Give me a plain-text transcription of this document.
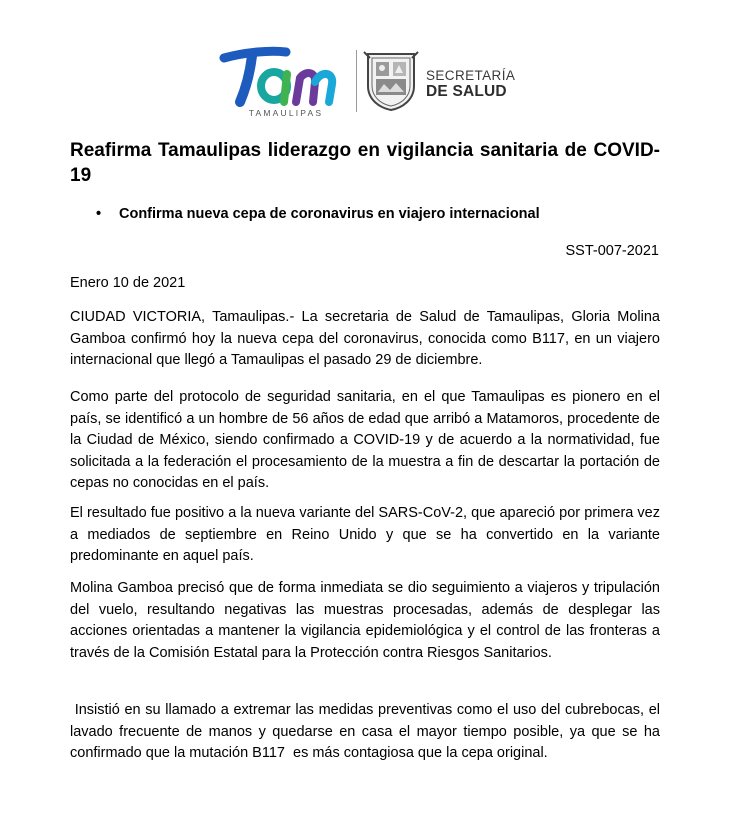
TAMAULIPAS
SECRETARÍA
DE SALUD
Reafirma Tamaulipas liderazgo en vigilancia sanitaria de COVID-19
• Confirma nueva cepa de coronavirus en viajero internacional
SST-007-2021
Enero 10 de 2021

CIUDAD VICTORIA, Tamaulipas.- La secretaria de Salud de Tamaulipas, Gloria Molina Gamboa confirmó hoy la nueva cepa del coronavirus, conocida como B117, en un viajero internacional que llegó a Tamaulipas el pasado 29 de diciembre.

Como parte del protocolo de seguridad sanitaria, en el que Tamaulipas es pionero en el país, se identificó a un hombre de 56 años de edad que arribó a Matamoros, procedente de la Ciudad de México, siendo confirmado a COVID-19 y de acuerdo a la normatividad, fue solicitada a la federación el procesamiento de la muestra a fin de descartar la portación de cepas no conocidas en el país.

El resultado fue positivo a la nueva variante del SARS-CoV-2, que apareció por primera vez a mediados de septiembre en Reino Unido y que se ha convertido en la variante predominante en aquel país.

Molina Gamboa precisó que de forma inmediata se dio seguimiento a viajeros y tripulación del vuelo, resultando negativas las muestras procesadas, además de desplegar las acciones orientadas a mantener la vigilancia epidemiológica y el control de las fronteras a través de la Comisión Estatal para la Protección contra Riesgos Sanitarios.

Insistió en su llamado a extremar las medidas preventivas como el uso del cubrebocas, el lavado frecuente de manos y quedarse en casa el mayor tiempo posible, ya que se ha confirmado que la mutación B117  es más contagiosa que la cepa original.
